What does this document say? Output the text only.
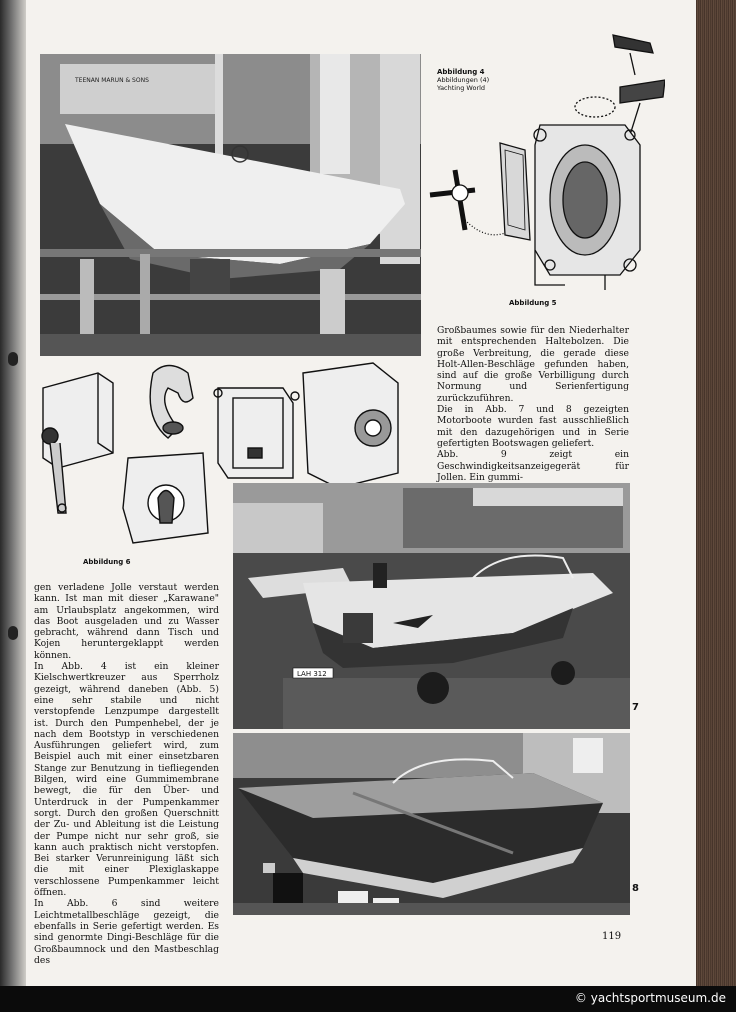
TEENAN MARUN & SONS
Abbildung 4
Abbildungen (4)
Yachting World
Abbildung 5

Großbaumes sowie für den Niederhalter mit entsprechenden Haltebolzen. Die große Verbreitung, die gerade diese Holt-Allen-Beschläge gefunden haben, sind auf die große Verbilligung durch Normung und Serienfertigung zurückzuführen.

Die in Abb. 7 und 8 gezeigten Motorboote wurden fast ausschließlich mit den dazugehörigen und in Serie gefertigten Bootswagen geliefert.

Abb. 9 zeigt ein Geschwindigkeitsanzeigegerät für Jollen. Ein gummi-

Abbildung 6

gen verladene Jolle verstaut werden kann. Ist man mit dieser „Karawane" am Urlaubsplatz angekommen, wird das Boot ausgeladen und zu Wasser gebracht, während dann Tisch und Kojen heruntergeklappt werden können.

In Abb. 4 ist ein kleiner Kielschwertkreuzer aus Sperrholz gezeigt, während daneben (Abb. 5) eine sehr stabile und nicht verstopfende Lenzpumpe dargestellt ist. Durch den Pumpenhebel, der je nach dem Bootstyp in verschiedenen Ausführungen geliefert wird, zum Beispiel auch mit einer einsetzbaren Stange zur Benutzung in tiefliegenden Bilgen, wird eine Gummimembrane bewegt, die für den Über- und Unterdruck in der Pumpenkammer sorgt. Durch den großen Querschnitt der Zu- und Ableitung ist die Leistung der Pumpe nicht nur sehr groß, sie kann auch praktisch nicht verstopfen. Bei starker Verunreinigung läßt sich die mit einer Plexiglaskappe verschlossene Pumpenkammer leicht öffnen.

In Abb. 6 sind weitere Leichtmetallbeschläge gezeigt, die ebenfalls in Serie gefertigt werden. Es sind genormte Dingi-Beschläge für die Großbaumnock und den Mastbeschlag des

LAH 312
7
8
119
© yachtsportmuseum.de
